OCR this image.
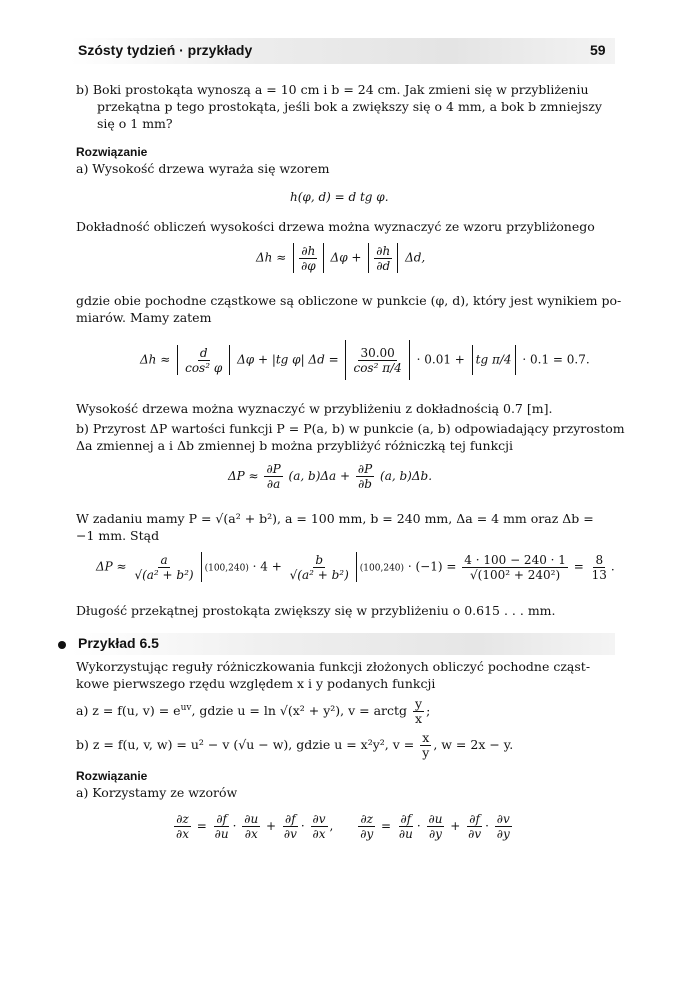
Szósty tydzień · przykłady	59
b) Boki prostokąta wynoszą a = 10 cm i b = 24 cm. Jak zmieni się w przybliżeniu
przekątna p tego prostokąta, jeśli bok a zwiększy się o 4 mm, a bok b zmniejszy
się o 1 mm?
Rozwiązanie
a) Wysokość drzewa wyraża się wzorem
h(φ, d) = d tg φ.
Dokładność obliczeń wysokości drzewa można wyznaczyć ze wzoru przybliżonego
$\Delta h \approx \frac{\partial h}{\partial\varphi}$ $\Delta\varphi + \frac{\partial h}{\partial d} \Delta d$,
gdzie obie pochodne cząstkowe są obliczone w punkcie (φ, d), który jest wynikiem po-
miarów. Mamy zatem
$\Delta h \approx \frac{d}{\text{cos² φ}}$ Δφ + |tg φ| $\Delta d = \frac{30.00}{\text{cos² π/4}} \cdot 0.01$ + tg π/4 · 0.1 = 0.7.
Wysokość drzewa można wyznaczyć w przybliżeniu z dokładnością 0.7 [m].
b) Przyrost ΔP wartości funkcji P = P(a, b) w punkcie (a, b) odpowiadający przyrostom
Δa zmiennej a i Δb zmiennej b można przybliżyć różniczką tej funkcji
$\Delta P \approx \frac{\partial P}{\partial a} (a$, $b)\Delta a + \frac{\partial P}{\partial b} (a$, b)Δb.
W zadaniu mamy P = √(a² + b²), a = 100 mm, b = 240 mm, Δa = 4 mm oraz Δb =
−1 mm. Stąd
$\Delta P \approx \frac{a}{\text{√(a² + b²)}} (100,240) \cdot 4 + \frac{b}{\text{√(a² + b²)}} (100,240) \cdot (-1) = \frac{4 \cdot 100 - 240 \cdot 1}{\text{√(100² + 240²)}} = \frac{8}{13}$ .
Długość przekątnej prostokąta zwiększy się w przybliżeniu o 0.615 . . . mm.
Przykład 6.5
Wykorzystując reguły różniczkowania funkcji złożonych obliczyć pochodne cząst-
kowe pierwszego rzędu względem x i y podanych funkcji
a) z = f(u, $v) = e^{uv}$, gdzie u = ln √(x² + y²), v = arctg $\frac{y}{x}$ ;
b) z = f(u, v, w) = u² − v (√u − w), gdzie u = x²y², $v = \frac{x}{y}$ , w = 2x − y.
Rozwiązanie
a) Korzystamy ze wzorów
$\frac{\partial z}{\partial x} = \frac{\partial f}{\partial u} \cdot \frac{\partial u}{\partial x} + \frac{\partial f}{\partial v} \cdot \frac{\partial v}{\partial x}$ , $\frac{\partial z}{\partial y} = \frac{\partial f}{\partial u} \cdot \frac{\partial u}{\partial y} + \frac{\partial f}{\partial v} \cdot \frac{\partial v}{\partial y}$
